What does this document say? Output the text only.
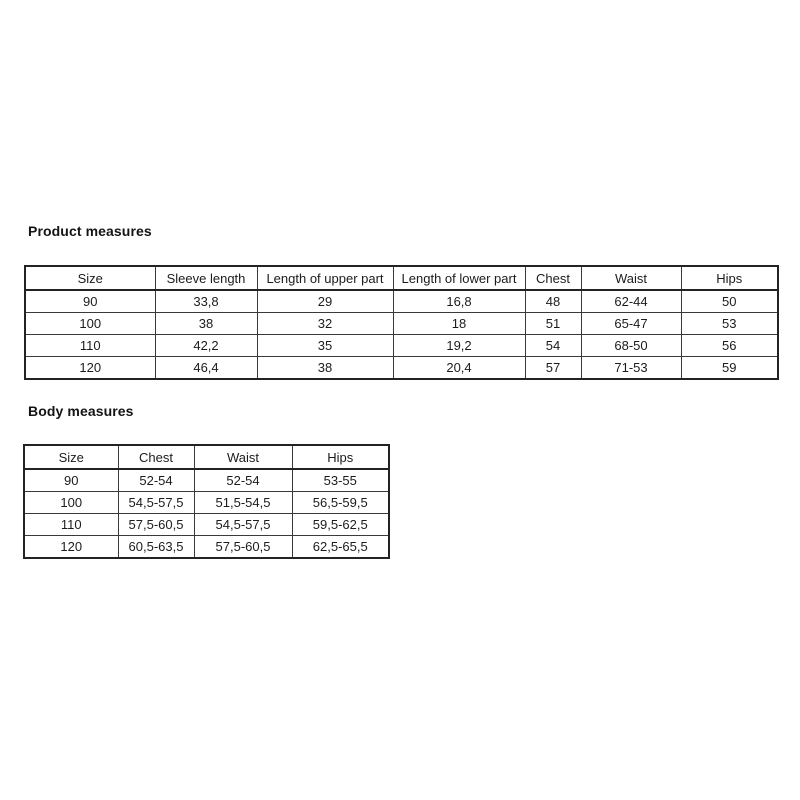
Product measures
Size	Sleeve length	Length of upper part	Length of lower part	Chest	Waist	Hips
90	33,8	29	16,8	48	62-44	50
100	38	32	18	51	65-47	53
110	42,2	35	19,2	54	68-50	56
120	46,4	38	20,4	57	71-53	59
Body measures
Size	Chest	Waist	Hips
90	52-54	52-54	53-55
100	54,5-57,5	51,5-54,5	56,5-59,5
110	57,5-60,5	54,5-57,5	59,5-62,5
120	60,5-63,5	57,5-60,5	62,5-65,5
